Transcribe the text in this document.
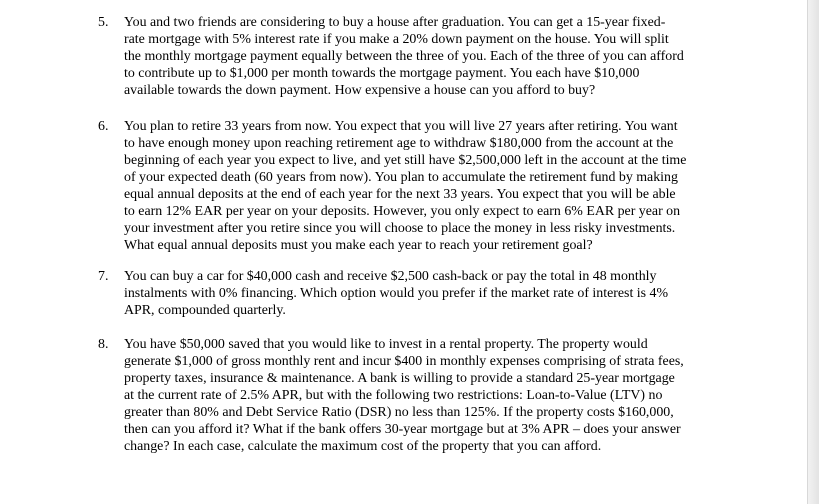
5. You and two friends are considering to buy a house after graduation. You can get a 15-year fixed-
rate mortgage with 5% interest rate if you make a 20% down payment on the house. You will split
the monthly mortgage payment equally between the three of you. Each of the three of you can afford
to contribute up to $1,000 per month towards the mortgage payment. You each have $10,000
available towards the down payment. How expensive a house can you afford to buy?
6. You plan to retire 33 years from now. You expect that you will live 27 years after retiring. You want
to have enough money upon reaching retirement age to withdraw $180,000 from the account at the
beginning of each year you expect to live, and yet still have $2,500,000 left in the account at the time
of your expected death (60 years from now). You plan to accumulate the retirement fund by making
equal annual deposits at the end of each year for the next 33 years. You expect that you will be able
to earn 12% EAR per year on your deposits. However, you only expect to earn 6% EAR per year on
your investment after you retire since you will choose to place the money in less risky investments.
What equal annual deposits must you make each year to reach your retirement goal?
7. You can buy a car for $40,000 cash and receive $2,500 cash-back or pay the total in 48 monthly
instalments with 0% financing. Which option would you prefer if the market rate of interest is 4%
APR, compounded quarterly.
8. You have $50,000 saved that you would like to invest in a rental property. The property would
generate $1,000 of gross monthly rent and incur $400 in monthly expenses comprising of strata fees,
property taxes, insurance & maintenance. A bank is willing to provide a standard 25-year mortgage
at the current rate of 2.5% APR, but with the following two restrictions: Loan-to-Value (LTV) no
greater than 80% and Debt Service Ratio (DSR) no less than 125%. If the property costs $160,000,
then can you afford it? What if the bank offers 30-year mortgage but at 3% APR – does your answer
change? In each case, calculate the maximum cost of the property that you can afford.
